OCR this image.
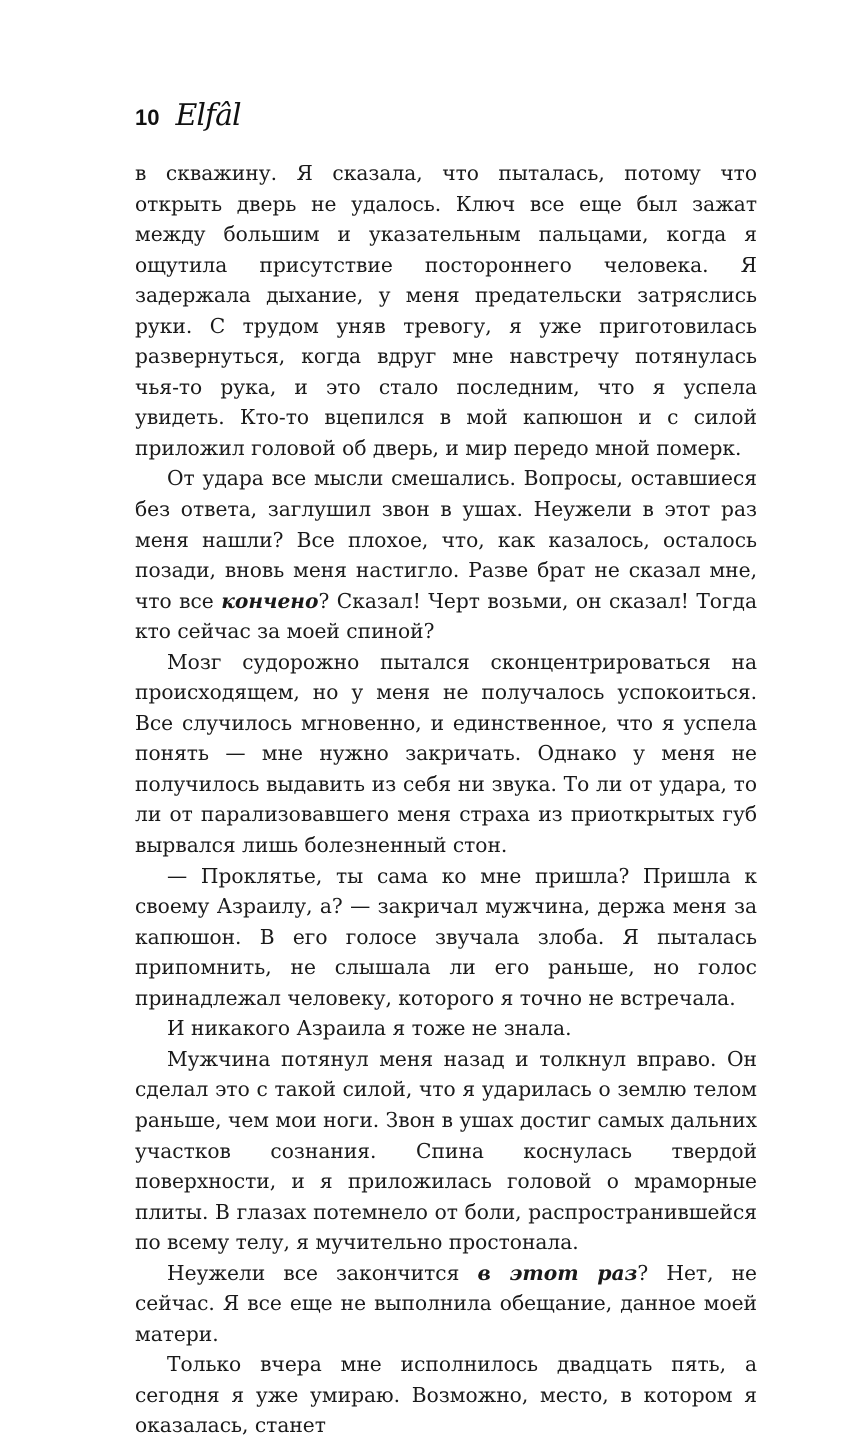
10 Elfâl

в скважину. Я сказала, что пыталась, потому что открыть дверь не удалось. Ключ все еще был зажат между большим и указательным пальцами, когда я ощутила присутствие постороннего человека. Я задержала дыхание, у меня предательски затряслись руки. С трудом уняв тревогу, я уже приготовилась развернуться, когда вдруг мне навстречу потянулась чья-то рука, и это стало последним, что я успела увидеть. Кто-то вцепился в мой капюшон и с силой приложил головой об дверь, и мир передо мной померк.

От удара все мысли смешались. Вопросы, оставшиеся без ответа, заглушил звон в ушах. Неужели в этот раз меня нашли? Все плохое, что, как казалось, осталось позади, вновь меня настигло. Разве брат не сказал мне, что все кончено? Сказал! Черт возьми, он сказал! Тогда кто сейчас за моей спиной?

Мозг судорожно пытался сконцентрироваться на происходящем, но у меня не получалось успокоиться. Все случилось мгновенно, и единственное, что я успела понять — мне нужно закричать. Однако у меня не получилось выдавить из себя ни звука. То ли от удара, то ли от парализовавшего меня страха из приоткрытых губ вырвался лишь болезненный стон.

— Проклятье, ты сама ко мне пришла? Пришла к своему Азраилу, а? — закричал мужчина, держа меня за капюшон. В его голосе звучала злоба. Я пыталась припомнить, не слышала ли его раньше, но голос принадлежал человеку, которого я точно не встречала.

И никакого Азраила я тоже не знала.

Мужчина потянул меня назад и толкнул вправо. Он сделал это с такой силой, что я ударилась о землю телом раньше, чем мои ноги. Звон в ушах достиг самых дальних участков сознания. Спина коснулась твердой поверхности, и я приложилась головой о мраморные плиты. В глазах потемнело от боли, распространившейся по всему телу, я мучительно простонала.

Неужели все закончится в этот раз? Нет, не сейчас. Я все еще не выполнила обещание, данное моей матери.

Только вчера мне исполнилось двадцать пять, а сегодня я уже умираю. Возможно, место, в котором я оказалась, станет
